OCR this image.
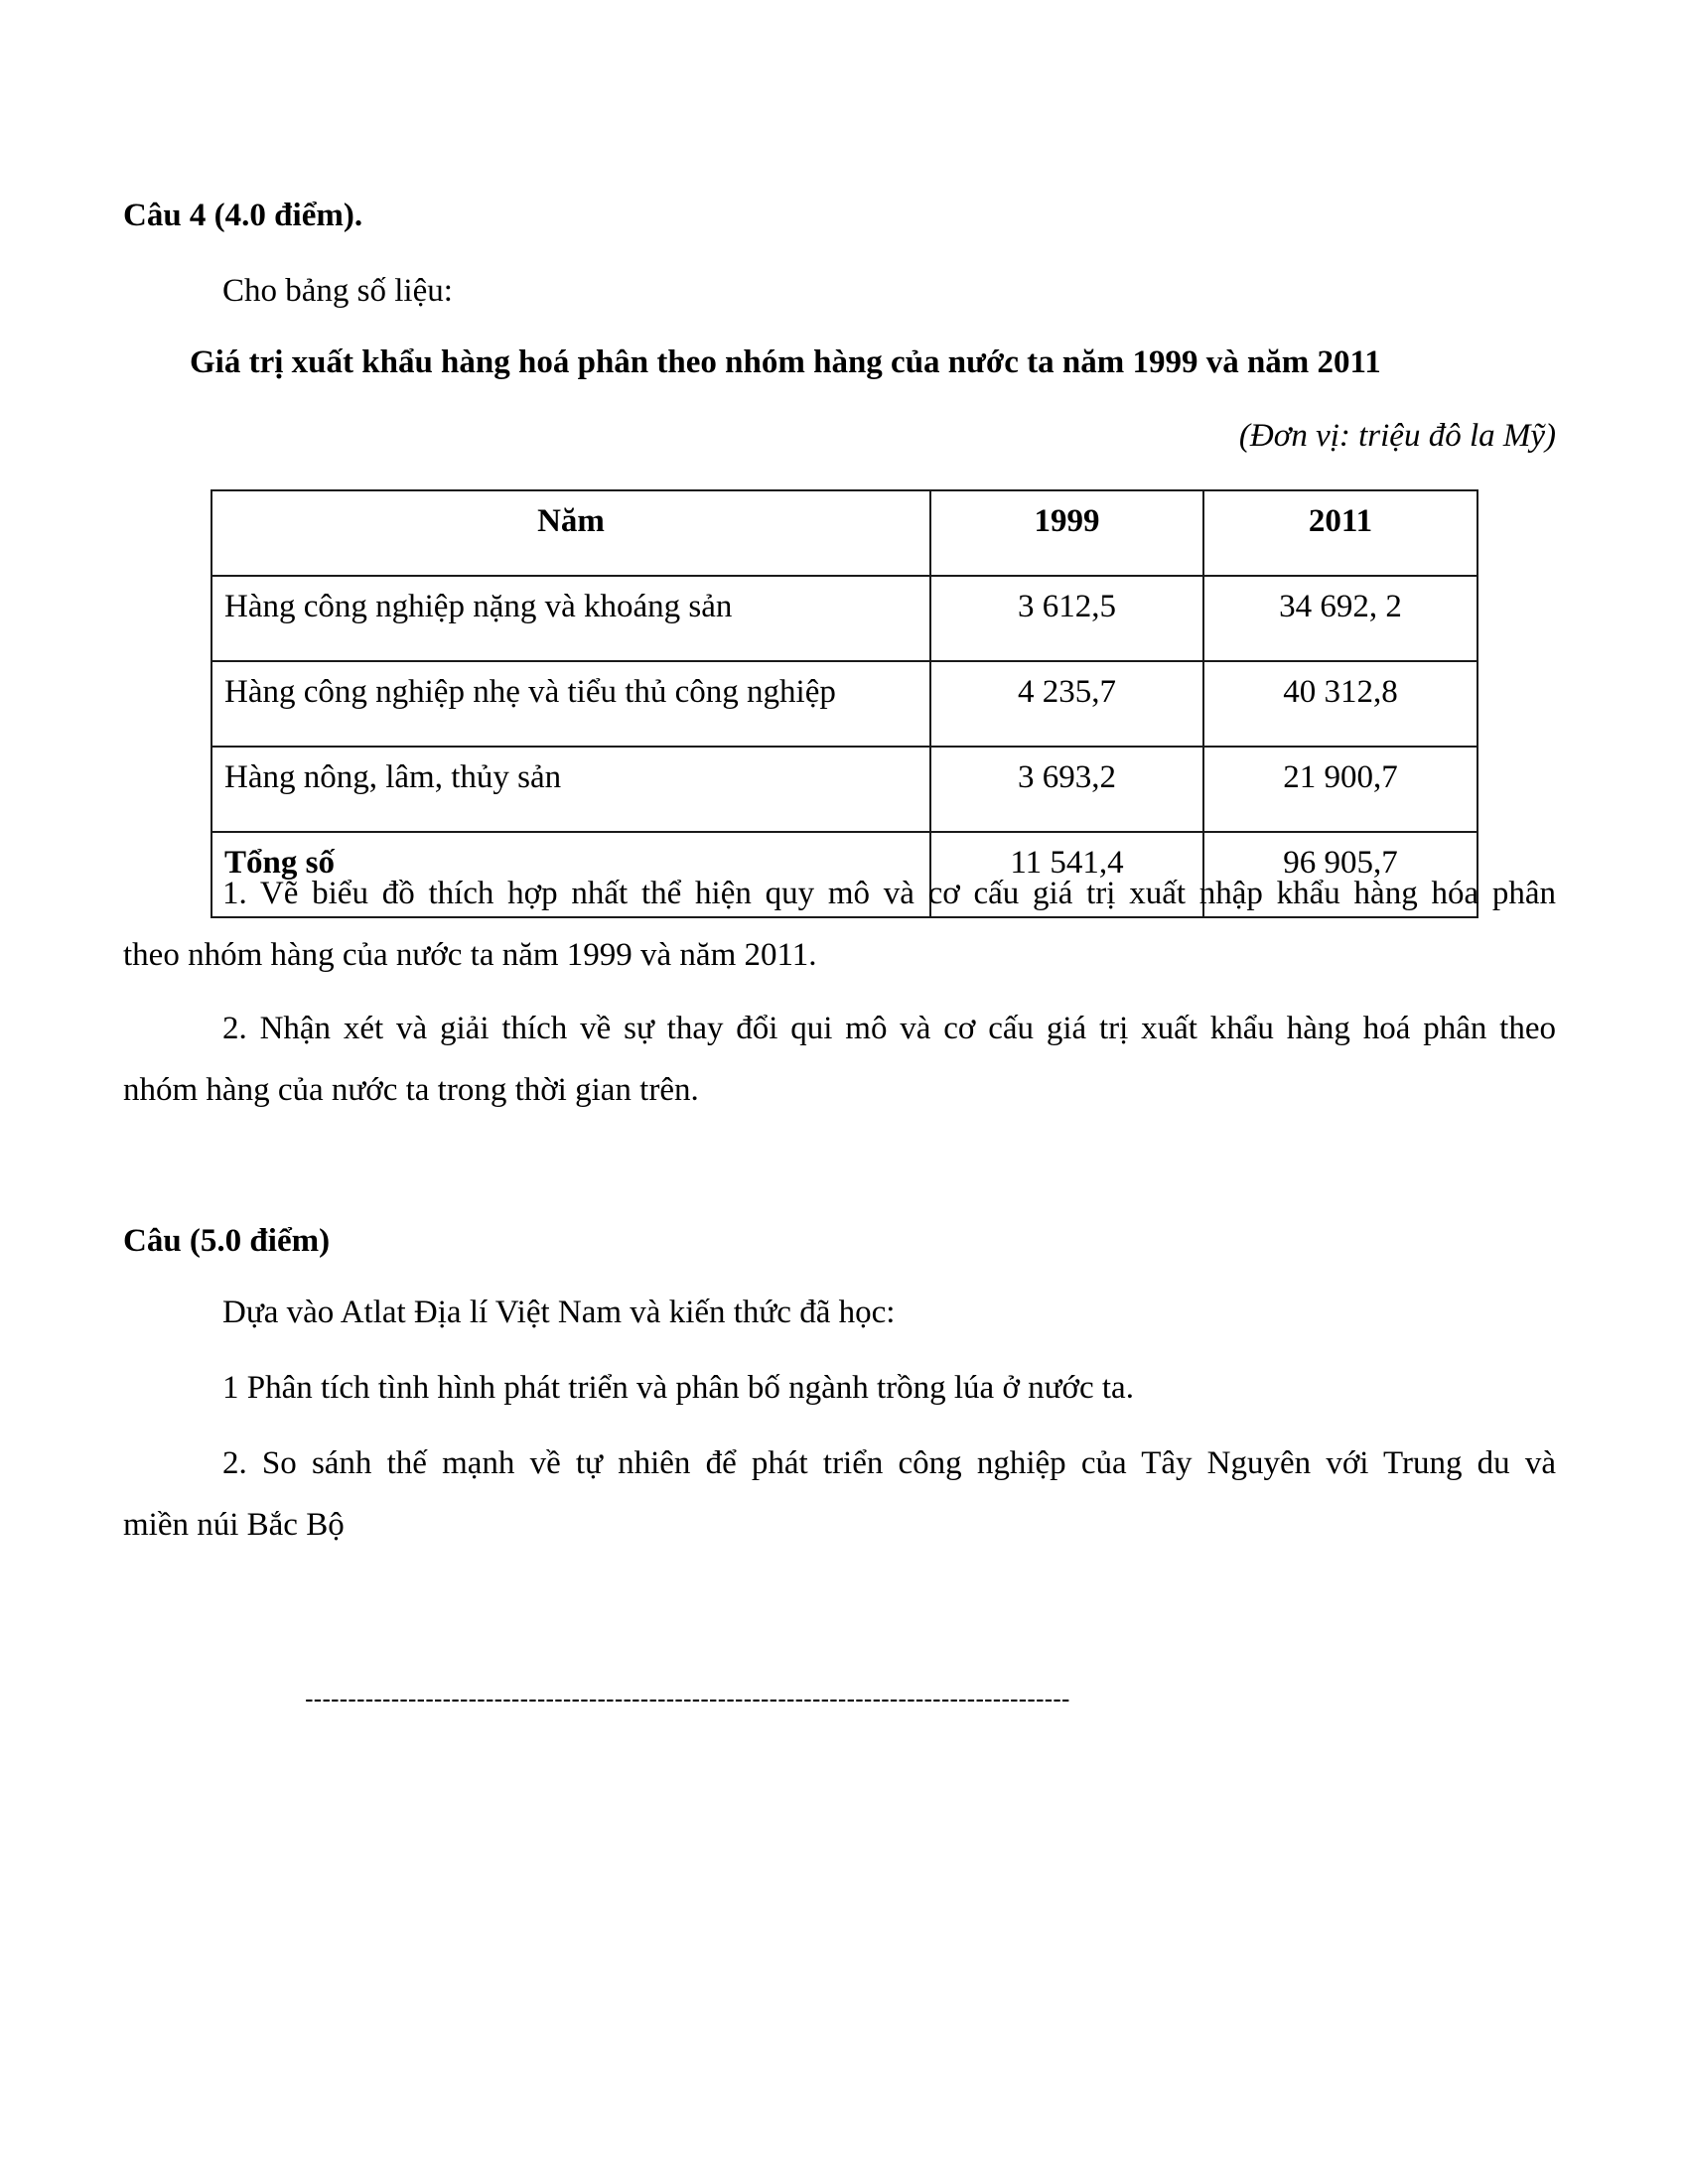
Câu 4 (4.0 điểm).
Cho bảng số liệu:
Giá trị xuất khẩu hàng hoá phân theo nhóm hàng của nước ta năm 1999 và năm 2011
(Đơn vị: triệu đô la Mỹ)
Năm	1999	2011
Hàng công nghiệp nặng và khoáng sản	3 612,5	34 692, 2
Hàng công nghiệp nhẹ và tiểu thủ công nghiệp	4 235,7	40 312,8
Hàng nông, lâm, thủy sản	3 693,2	21 900,7
Tổng số	11 541,4	96 905,7
1. Vẽ biểu đồ thích hợp nhất thể hiện quy mô và cơ cấu giá trị xuất nhập khẩu hàng hóa phân
theo nhóm hàng của nước ta năm 1999 và năm 2011.
2. Nhận xét và giải thích về sự thay đổi qui mô và cơ cấu giá trị xuất khẩu hàng hoá phân theo
nhóm hàng của nước ta trong thời gian trên.
Câu (5.0 điểm)
Dựa vào Atlat Địa lí Việt Nam và kiến thức đã học:
1 Phân tích tình hình phát triển và phân bố ngành trồng lúa ở nước ta.
2. So sánh thế mạnh về tự nhiên để phát triển công nghiệp của Tây Nguyên với Trung du và
miền núi Bắc Bộ
-----------------------------------------------------------------------------------------
